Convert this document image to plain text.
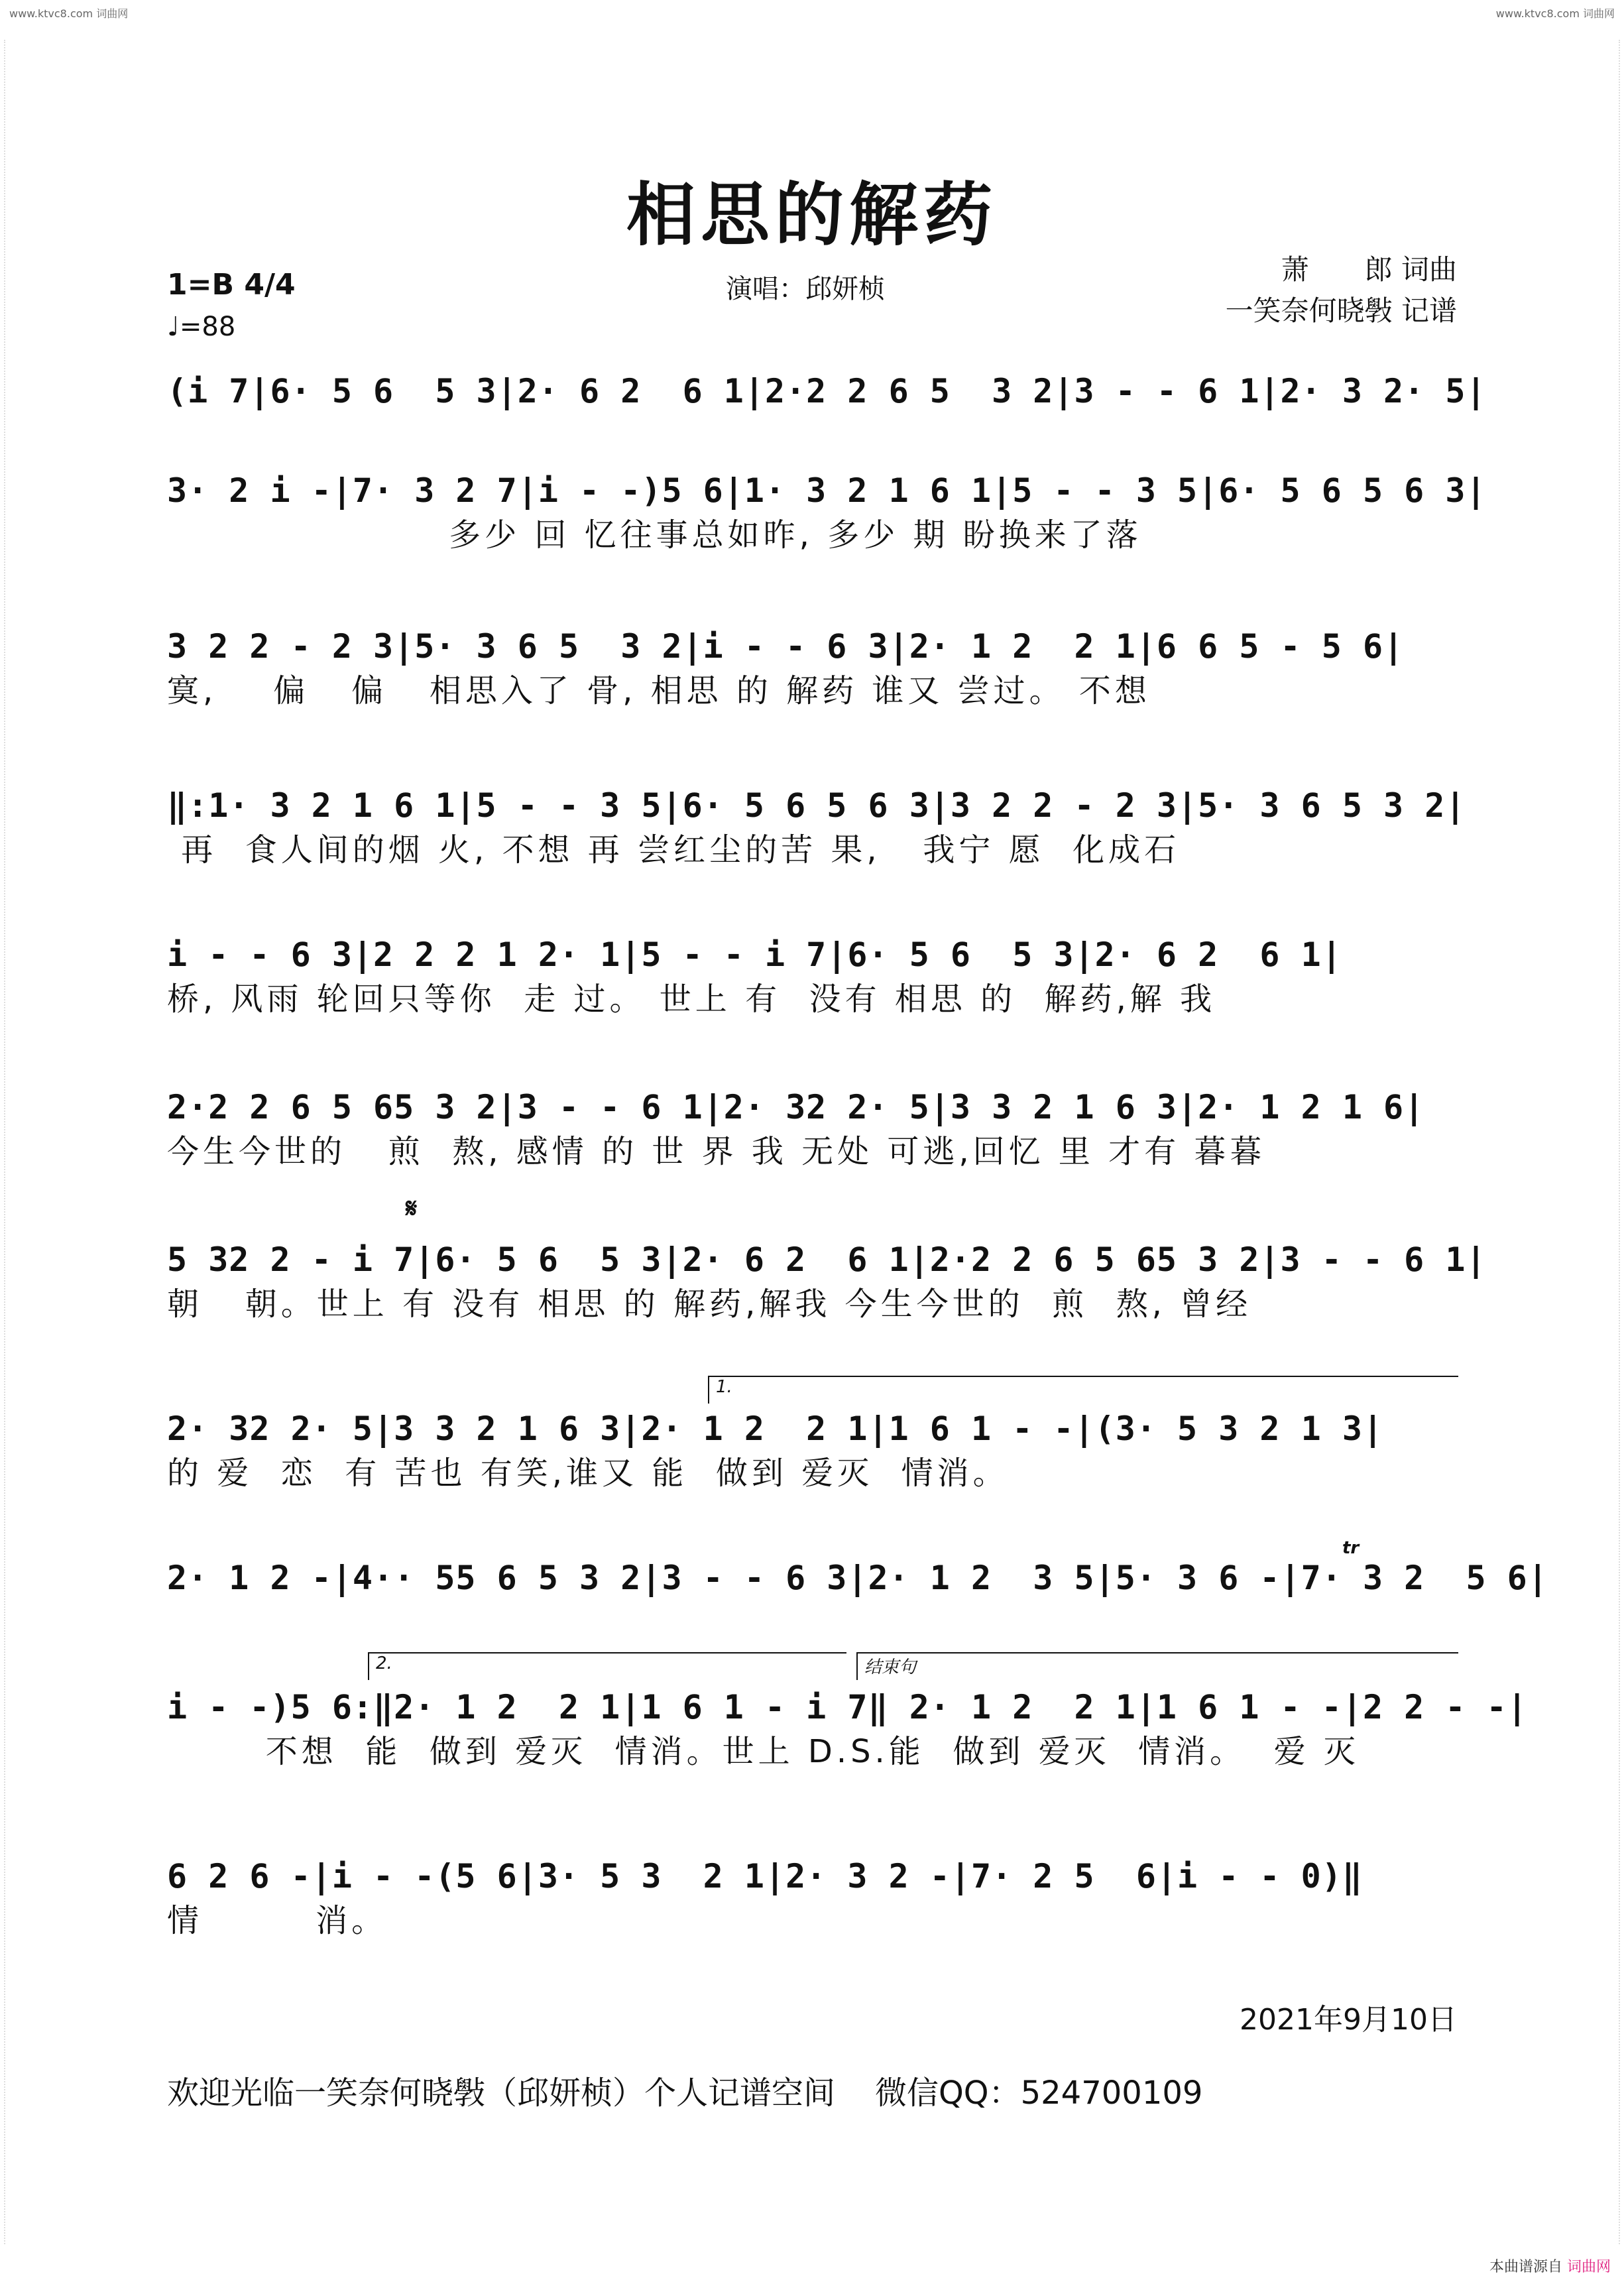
www.ktvc8.com 词曲网	www.ktvc8.com 词曲网
相思的解药
1=B 4/4
♩=88
演唱：邱妍桢
萧　　郎 词曲
一笑奈何晓斅 记谱
(i 7|6· 5 6  5 3|2· 6 2  6 1|2·2 2 6 5  3 2|3 - - 6 1|2· 3 2· 5|
3· 2 i -|7· 3 2 7|i - -)5 6|1· 3 2 1 6 1|5 - - 3 5|6· 5 6 5 6 3|
多少 回 忆往事总如昨, 多少 期 盼换来了落
3 2 2 - 2 3|5· 3 6 5  3 2|i - - 6 3|2· 1 2  2 1|6 6 5 - 5 6|
寞,    偏   偏   相思入了 骨, 相思 的 解药 谁又 尝过。 不想
‖:1· 3 2 1 6 1|5 - - 3 5|6· 5 6 5 6 3|3 2 2 - 2 3|5· 3 6 5 3 2|
再  食人间的烟 火, 不想 再 尝红尘的苦 果,   我宁 愿  化成石
i - - 6 3|2 2 2 1 2· 1|5 - - i 7|6· 5 6  5 3|2· 6 2  6 1|
桥, 风雨 轮回只等你  走 过。 世上 有  没有 相思 的  解药,解 我
2·2 2 6 5 65 3 2|3 - - 6 1|2· 32 2· 5|3 3 2 1 6 3|2· 1 2 1 6|
今生今世的   煎  熬, 感情 的 世 界 我 无处 可逃,回忆 里 才有 暮暮
𝄋
5 32 2 - i 7|6· 5 6  5 3|2· 6 2  6 1|2·2 2 6 5 65 3 2|3 - - 6 1|
朝   朝。世上 有 没有 相思 的 解药,解我 今生今世的  煎  熬, 曾经
1.
2· 32 2· 5|3 3 2 1 6 3|2· 1 2  2 1|1 6 1 - -|(3· 5 3 2 1 3|
的 爱  恋  有 苦也 有笑,谁又 能  做到 爱灭  情消。
2· 1 2 -|4·· 55 6 5 3 2|3 - - 6 3|2· 1 2  3 5|5· 3 6 -|7· 3 2  5 6|
tr
2.	结束句
i - -)5 6:‖2· 1 2  2 1|1 6 1 - i 7‖ 2· 1 2  2 1|1 6 1 - -|2 2 - -|
不想  能  做到 爱灭  情消。世上 D.S.能  做到 爱灭  情消。  爱 灭
6 2 6 -|i - -(5 6|3· 5 3  2 1|2· 3 2 -|7· 2 5  6|i - - 0)‖
情        消。
2021年9月10日
欢迎光临一笑奈何晓斅（邱妍桢）个人记谱空间 微信QQ：524700109
本曲谱源自 词曲网
